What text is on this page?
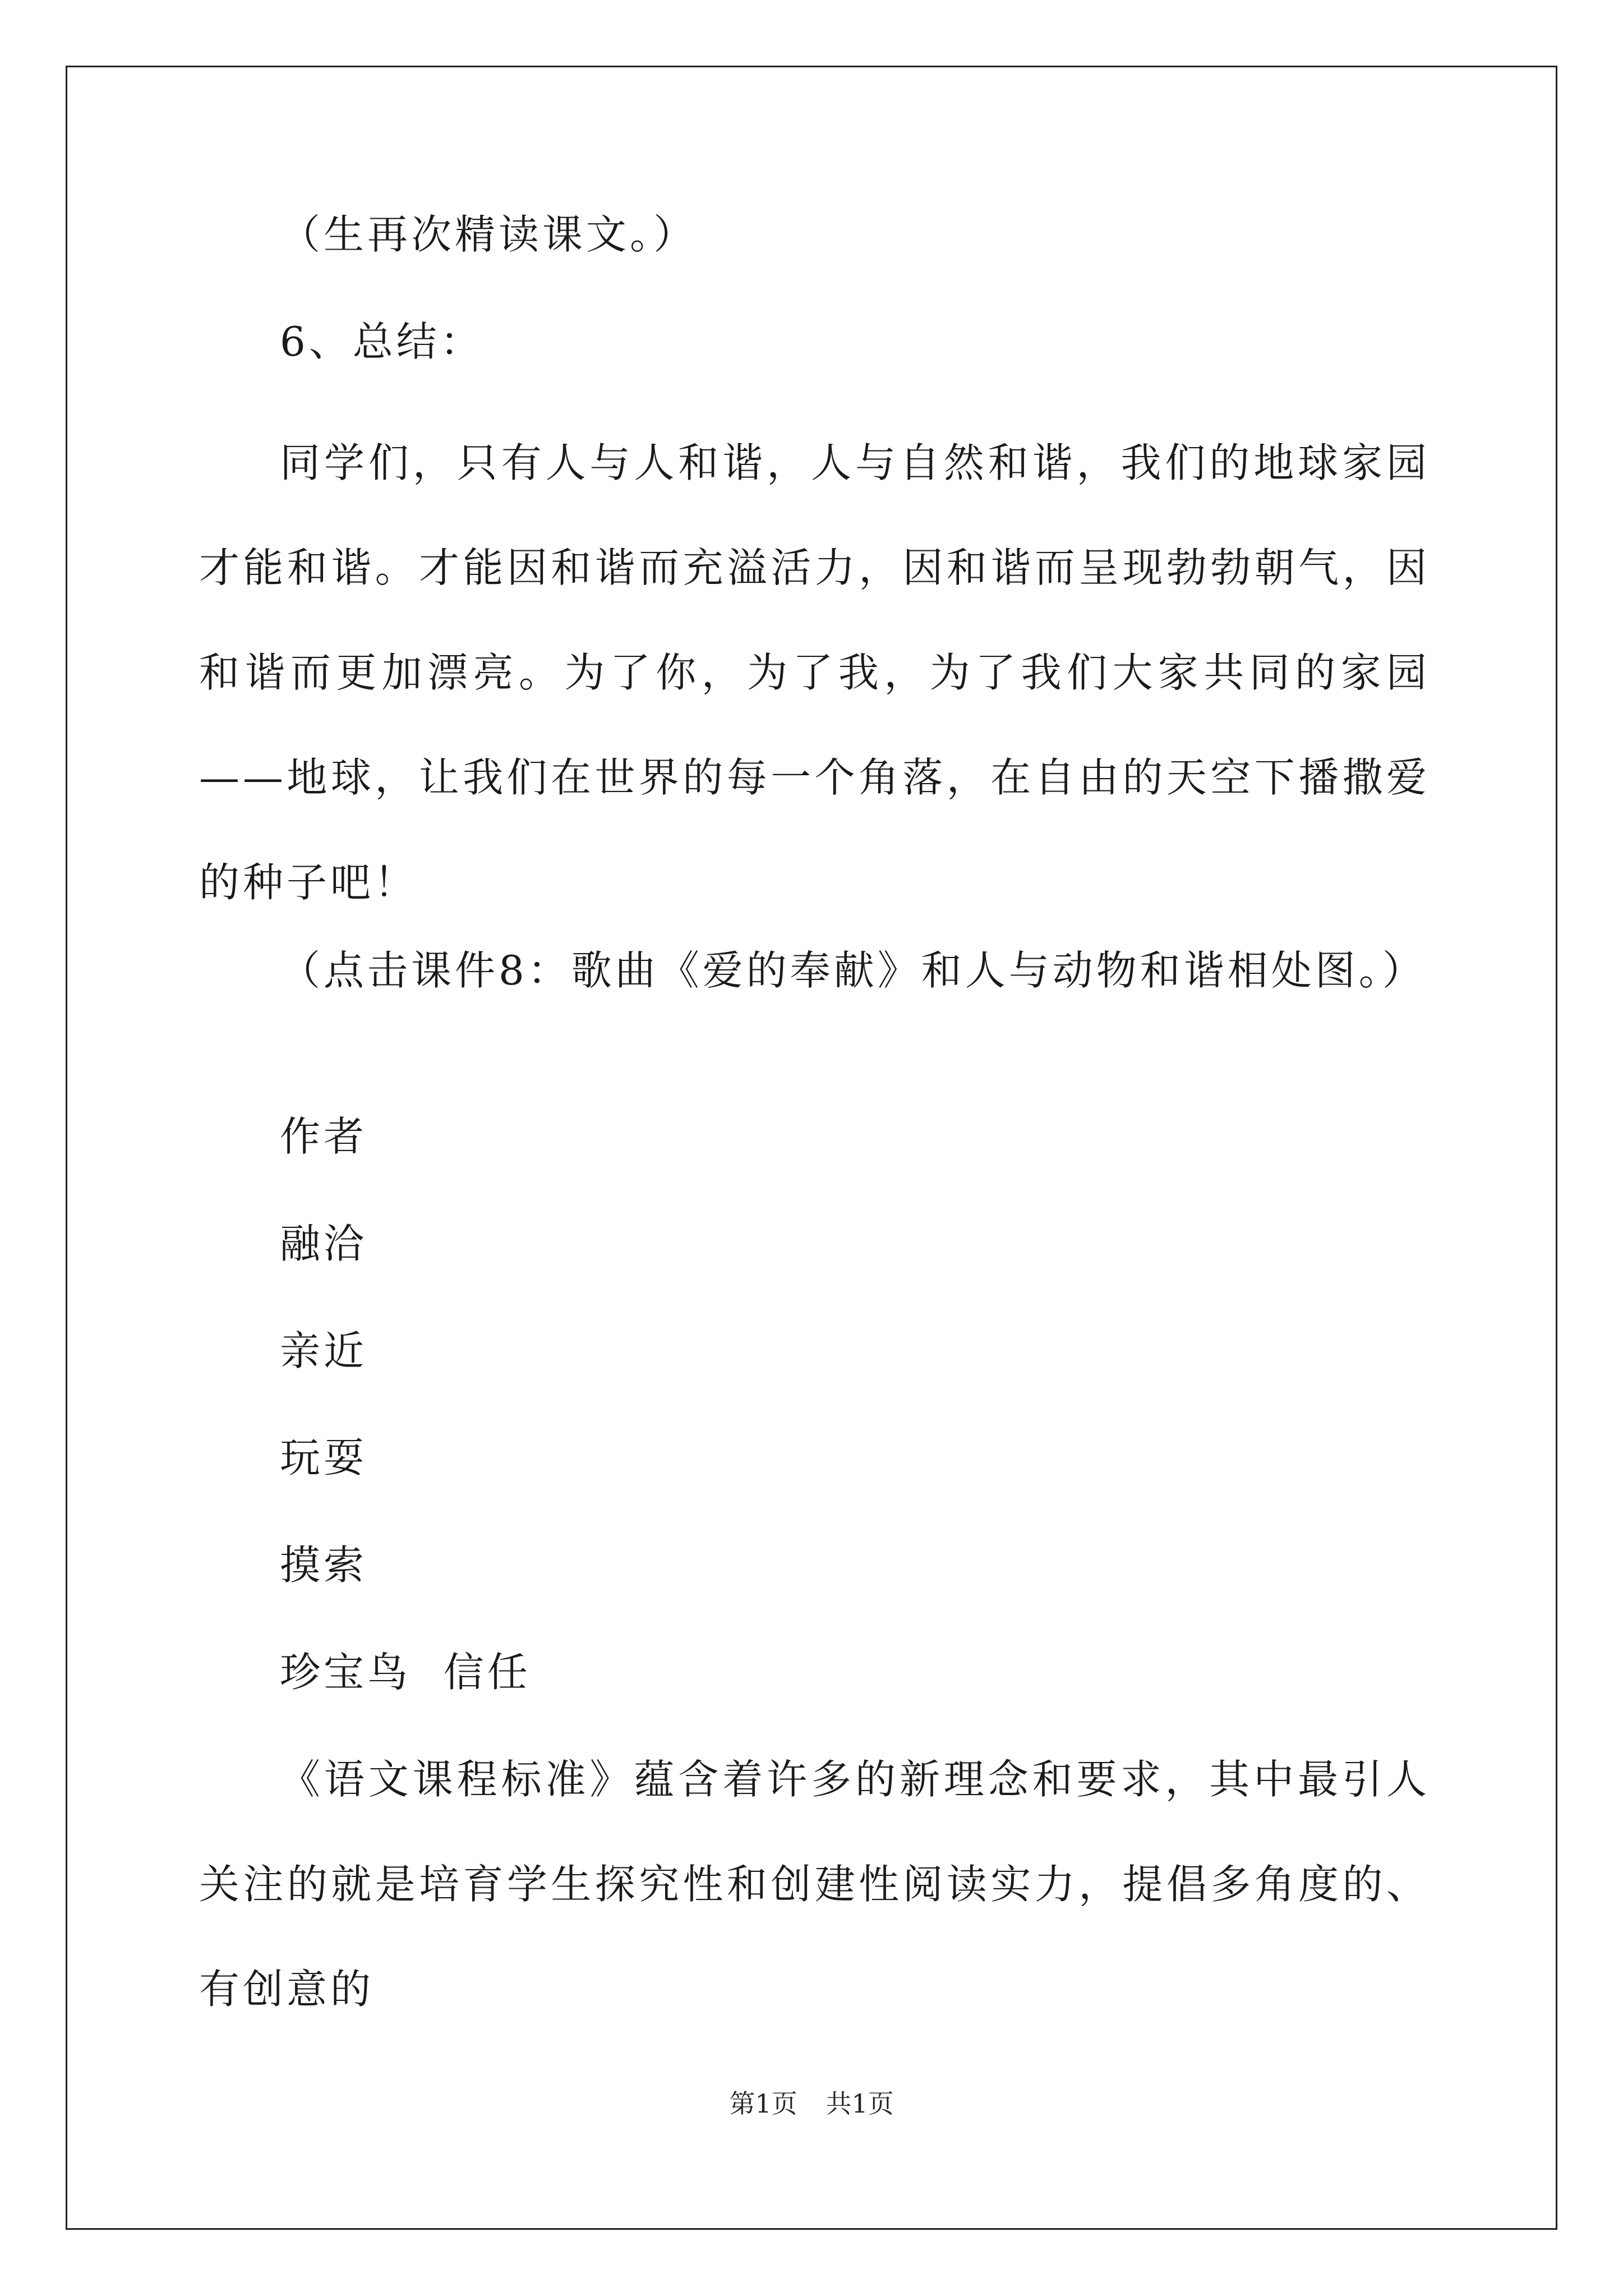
（生再次精读课文。）

6、总结：

同学们，只有人与人和谐，人与自然和谐，我们的地球家园才能和谐。才能因和谐而充溢活力，因和谐而呈现勃勃朝气，因和谐而更加漂亮。为了你，为了我，为了我们大家共同的家园——地球，让我们在世界的每一个角落，在自由的天空下播撒爱的种子吧！

（点击课件8：歌曲《爱的奉献》和人与动物和谐相处图。）

作者

融洽

亲近

玩耍

摸索

珍宝鸟  信任

《语文课程标准》蕴含着许多的新理念和要求，其中最引人关注的就是培育学生探究性和创建性阅读实力，提倡多角度的、有创意的

第1页 共1页
